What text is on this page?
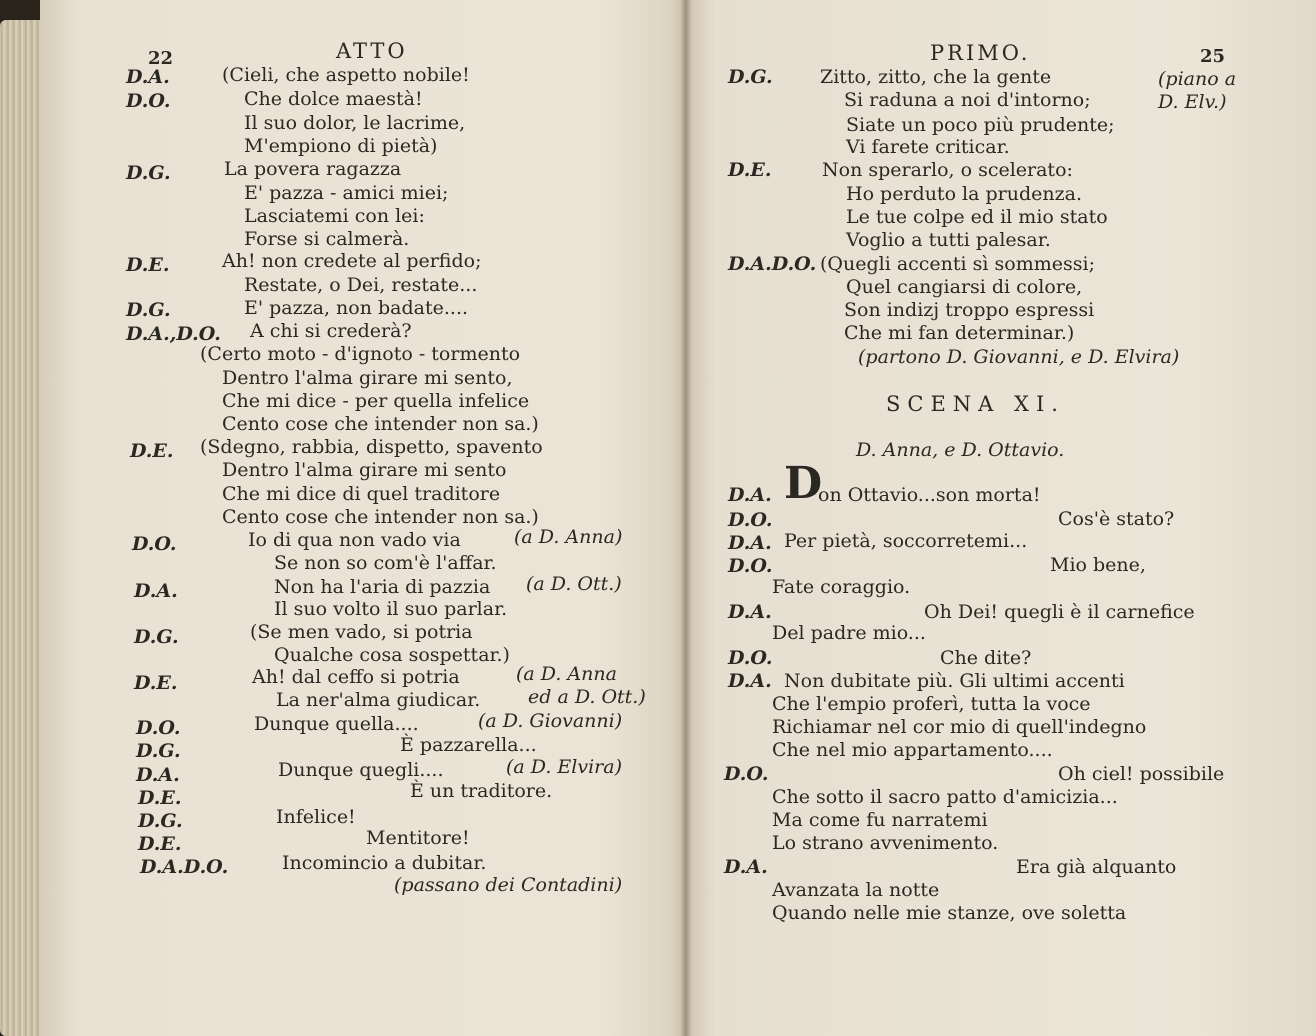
22	ATTO
D.A.	(Cieli, che aspetto nobile!
D.O.	Che dolce maestà!
Il suo dolor, le lacrime,
M'empiono di pietà)
D.G.	La povera ragazza
E' pazza - amici miei;
Lasciatemi con lei:
Forse si calmerà.
D.E.	Ah! non credete al perfido;
Restate, o Dei, restate...
D.G.	E' pazza, non badate....
D.A.,D.O. A chi si crederà?
(Certo moto - d'ignoto - tormento
Dentro l'alma girare mi sento,
Che mi dice - per quella infelice
Cento cose che intender non sa.)
D.E. (Sdegno, rabbia, dispetto, spavento
Dentro l'alma girare mi sento
Che mi dice di quel traditore
Cento cose che intender non sa.)
D.O.	Io di qua non vado via	(a D. Anna)
Se non so com'è l'affar.
D.A.	Non ha l'aria di pazzia (a D. Ott.)
Il suo volto il suo parlar.
D.G.	(Se men vado, si potria
Qualche cosa sospettar.)
D.E.	Ah! dal ceffo si potria	(a D. Anna
La ner'alma giudicar.	ed a D. Ott.)
D.O.	Dunque quella....	(a D. Giovanni)
D.G.	È pazzarella...
D.A.	Dunque quegli....	(a D. Elvira)
D.E.	È un traditore.
D.G.	Infelice!
D.E.	Mentitore!
D.A.D.O.	Incomincio a dubitar.
(passano dei Contadini)
PRIMO.	25
D.G. Zitto, zitto, che la gente	(piano a
Si raduna a noi d'intorno;	D. Elv.)
Siate un poco più prudente;
Vi farete criticar.
D.E.	Non sperarlo, o scelerato:
Ho perduto la prudenza.
Le tue colpe ed il mio stato
Voglio a tutti palesar.
D.A.D.O. (Quegli accenti sì sommessi;
Quel cangiarsi di colore,
Son indizj troppo espressi
Che mi fan determinar.)
(partono D. Giovanni, e D. Elvira)
SCENA XI.
D. Anna, e D. Ottavio.
D.A. D
on Ottavio...son morta!
D.O.	Cos'è stato?
D.A. Per pietà, soccorretemi...
D.O.	Mio bene,
Fate coraggio.
D.A.	Oh Dei! quegli è il carnefice
Del padre mio...
D.O.	Che dite?
D.A. Non dubitate più. Gli ultimi accenti
Che l'empio proferì, tutta la voce
Richiamar nel cor mio di quell'indegno
Che nel mio appartamento....
D.O.	Oh ciel! possibile
Che sotto il sacro patto d'amicizia...
Ma come fu narratemi
Lo strano avvenimento.
D.A.	Era già alquanto
Avanzata la notte
Quando nelle mie stanze, ove soletta
